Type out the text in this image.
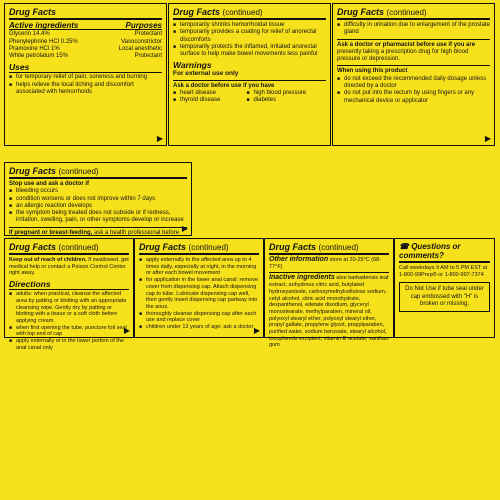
Drug Facts
Active ingredients	Purposes
Glycerin 14.4%	Protectant
Phenylephrine HCl 0.25%	Vasoconstrictor
Pramoxine HCl 1%	Local anesthetic
White petrolatum 15%	Protectant
Uses
■ for temporary relief of pain, soreness and burning
■ helps relieve the local itching and discomfort associated with hemorrhoids
▶
Drug Facts (continued)
■ temporarily shrinks hemorrhoidal tissue
■ temporarily provides a coating for relief of anorectal discomforts
■ temporarily protects the inflamed, irritated anorectal surface to help make bowel movements less painful
Warnings
For external use only
Ask a doctor before use if you have
■ heart disease	■ high blood pressure
■ thyroid disease	■ diabetes
Drug Facts (continued)
■ difficulty in urination due to enlargement of the prostate gland
Ask a doctor or pharmacist before use if you are
presently taking a prescription drug for high blood pressure or depression.
When using this product
■ do not exceed the recommended daily dosage unless directed by a doctor
■ do not put into the rectum by using fingers or any mechanical device or applicator
▶
Drug Facts (continued)
Stop use and ask a doctor if
■ bleeding occurs
■ condition worsens or does not improve within 7 days
■ an allergic reaction develops
■ the symptom being treated does not subside or if redness, irritation, swelling, pain, or other symptoms develop or increase
If pregnant or breast-feeding, ask a health professional before ▶
Drug Facts (continued)
Keep out of reach of children. If swallowed, get medical help or contact a Poison Control Center right away.
Directions
■ adults: when practical, cleanse the affected area by patting or blotting with an appropriate cleansing wipe. Gently dry by patting or blotting with a tissue or a soft cloth before applying cream.
■ when first opening the tube, puncture foil seal with top end of cap
■ apply externally or in the lower portion of the anal canal only
▶
Drug Facts (continued)
■ apply externally to the affected area up to 4 times daily, especially at night, in the morning or after each bowel movement
■ for application in the lower anal canal: remove cover from dispensing cap. Attach dispensing cap to tube. Lubricate dispensing cap well, then gently insert dispensing cap partway into the anus.
■ thoroughly cleanse dispensing cap after each use and replace cover
■ children under 12 years of age: ask a doctor ▶
Drug Facts (continued)
Other information store at 20-25°C (68-77°F)
Inactive ingredients aloe barbadensis leaf extract, anhydrous citric acid, butylated hydroxyanisole, carboxymethylcellulose sodium, cetyl alcohol, citric acid monohydrate, dexpanthenol, edetate disodium, glyceryl monostearate, methylparaben, mineral oil, polyoxyl stearyl ether, polyoxyl stearyl ether, propyl gallate, propylene glycol, propylparaben, purified water, sodium benzoate, stearyl alcohol, tocopherols excipient, vitamin E acetate, xanthan gum
☎ Questions or comments?
Call weekdays 9 AM to 5 PM EST at 1-800-99Prep® or 1-800-997-7374
Do Not Use if tube seal under cap embossed with "H" is broken or missing.
